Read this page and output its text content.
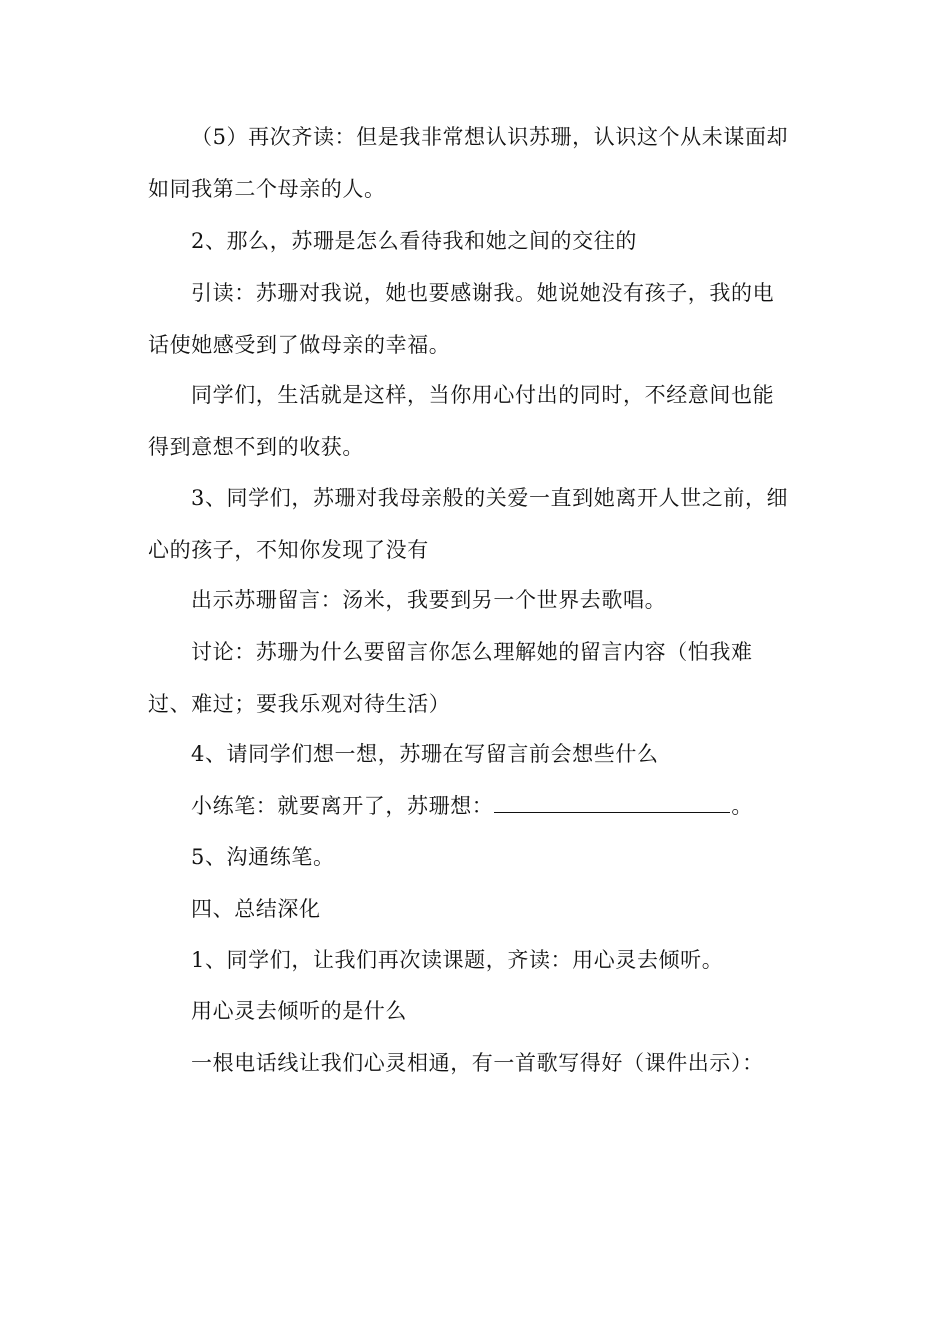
（5）再次齐读：但是我非常想认识苏珊，认识这个从未谋面却
如同我第二个母亲的人。

2、那么，苏珊是怎么看待我和她之间的交往的

引读：苏珊对我说，她也要感谢我。她说她没有孩子，我的电
话使她感受到了做母亲的幸福。

同学们，生活就是这样，当你用心付出的同时，不经意间也能
得到意想不到的收获。

3、同学们，苏珊对我母亲般的关爱一直到她离开人世之前，细
心的孩子，不知你发现了没有

出示苏珊留言：汤米，我要到另一个世界去歌唱。

讨论：苏珊为什么要留言你怎么理解她的留言内容（怕我难
过、难过；要我乐观对待生活）

4、请同学们想一想，苏珊在写留言前会想些什么

小练笔：就要离开了，苏珊想：	。

5、沟通练笔。

四、总结深化

1、同学们，让我们再次读课题，齐读：用心灵去倾听。

用心灵去倾听的是什么

一根电话线让我们心灵相通，有一首歌写得好（课件出示）：
